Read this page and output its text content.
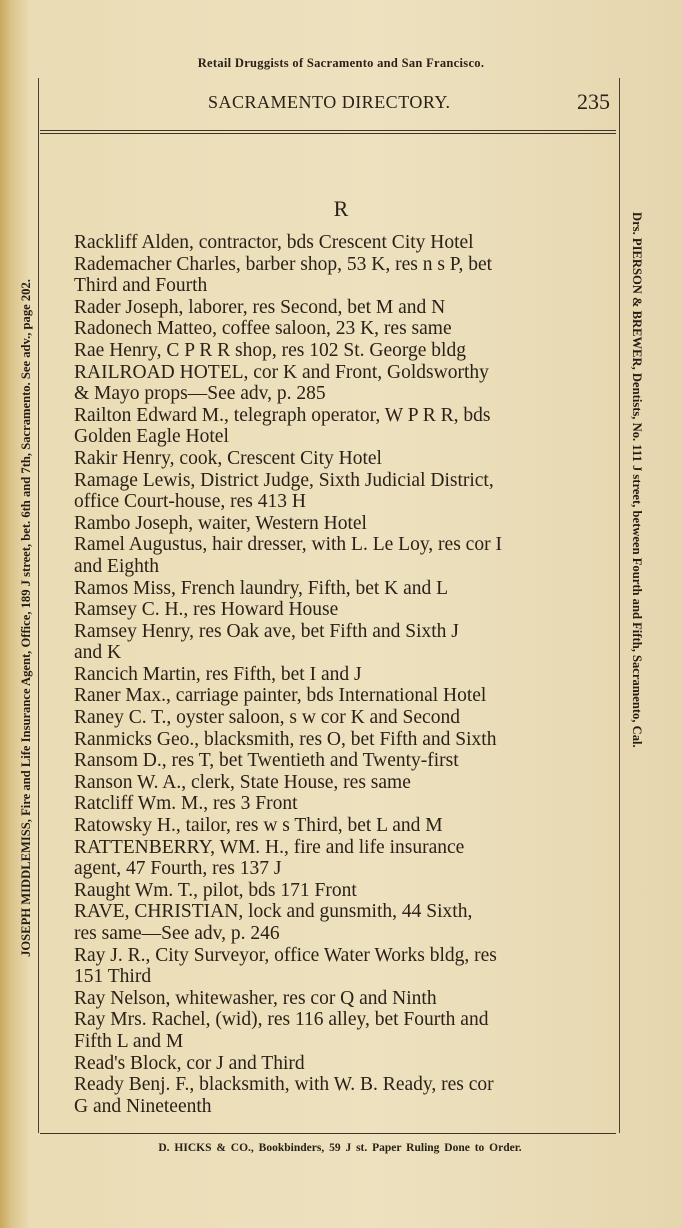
Retail Druggists of Sacramento and San Francisco.
SACRAMENTO DIRECTORY.	235
R
Rackliff Alden, contractor, bds Crescent City Hotel
Rademacher Charles, barber shop, 53 K, res n s P, bet
Third and Fourth
Rader Joseph, laborer, res Second, bet M and N
Radonech Matteo, coffee saloon, 23 K, res same
Rae Henry, C P R R shop, res 102 St. George bldg
RAILROAD HOTEL, cor K and Front, Goldsworthy
& Mayo props—See adv, p. 285
Railton Edward M., telegraph operator, W P R R, bds
Golden Eagle Hotel
Rakir Henry, cook, Crescent City Hotel
Ramage Lewis, District Judge, Sixth Judicial District,
office Court-house, res 413 H
Rambo Joseph, waiter, Western Hotel
Ramel Augustus, hair dresser, with L. Le Loy, res cor I
and Eighth
Ramos Miss, French laundry, Fifth, bet K and L
Ramsey C. H., res Howard House
Ramsey Henry, res Oak ave, bet Fifth and Sixth J
and K
Rancich Martin, res Fifth, bet I and J
Raner Max., carriage painter, bds International Hotel
Raney C. T., oyster saloon, s w cor K and Second
Ranmicks Geo., blacksmith, res O, bet Fifth and Sixth
Ransom D., res T, bet Twentieth and Twenty-first
Ranson W. A., clerk, State House, res same
Ratcliff Wm. M., res 3 Front
Ratowsky H., tailor, res w s Third, bet L and M
RATTENBERRY, WM. H., fire and life insurance
agent, 47 Fourth, res 137 J
Raught Wm. T., pilot, bds 171 Front
RAVE, CHRISTIAN, lock and gunsmith, 44 Sixth,
res same—See adv, p. 246
Ray J. R., City Surveyor, office Water Works bldg, res
151 Third
Ray Nelson, whitewasher, res cor Q and Ninth
Ray Mrs. Rachel, (wid), res 116 alley, bet Fourth and
Fifth L and M
Read's Block, cor J and Third
Ready Benj. F., blacksmith, with W. B. Ready, res cor
G and Nineteenth
D. HICKS & CO., Bookbinders, 59 J st. Paper Ruling Done to Order.
JOSEPH MIDDLEMISS, Fire and Life Insurance Agent, Office, 189 J street, bet. 6th and 7th, Sacramento. See adv., page 202.	Drs. PIERSON & BREWER, Dentists, No. 111 J street, between Fourth and Fifth, Sacramento, Cal.
